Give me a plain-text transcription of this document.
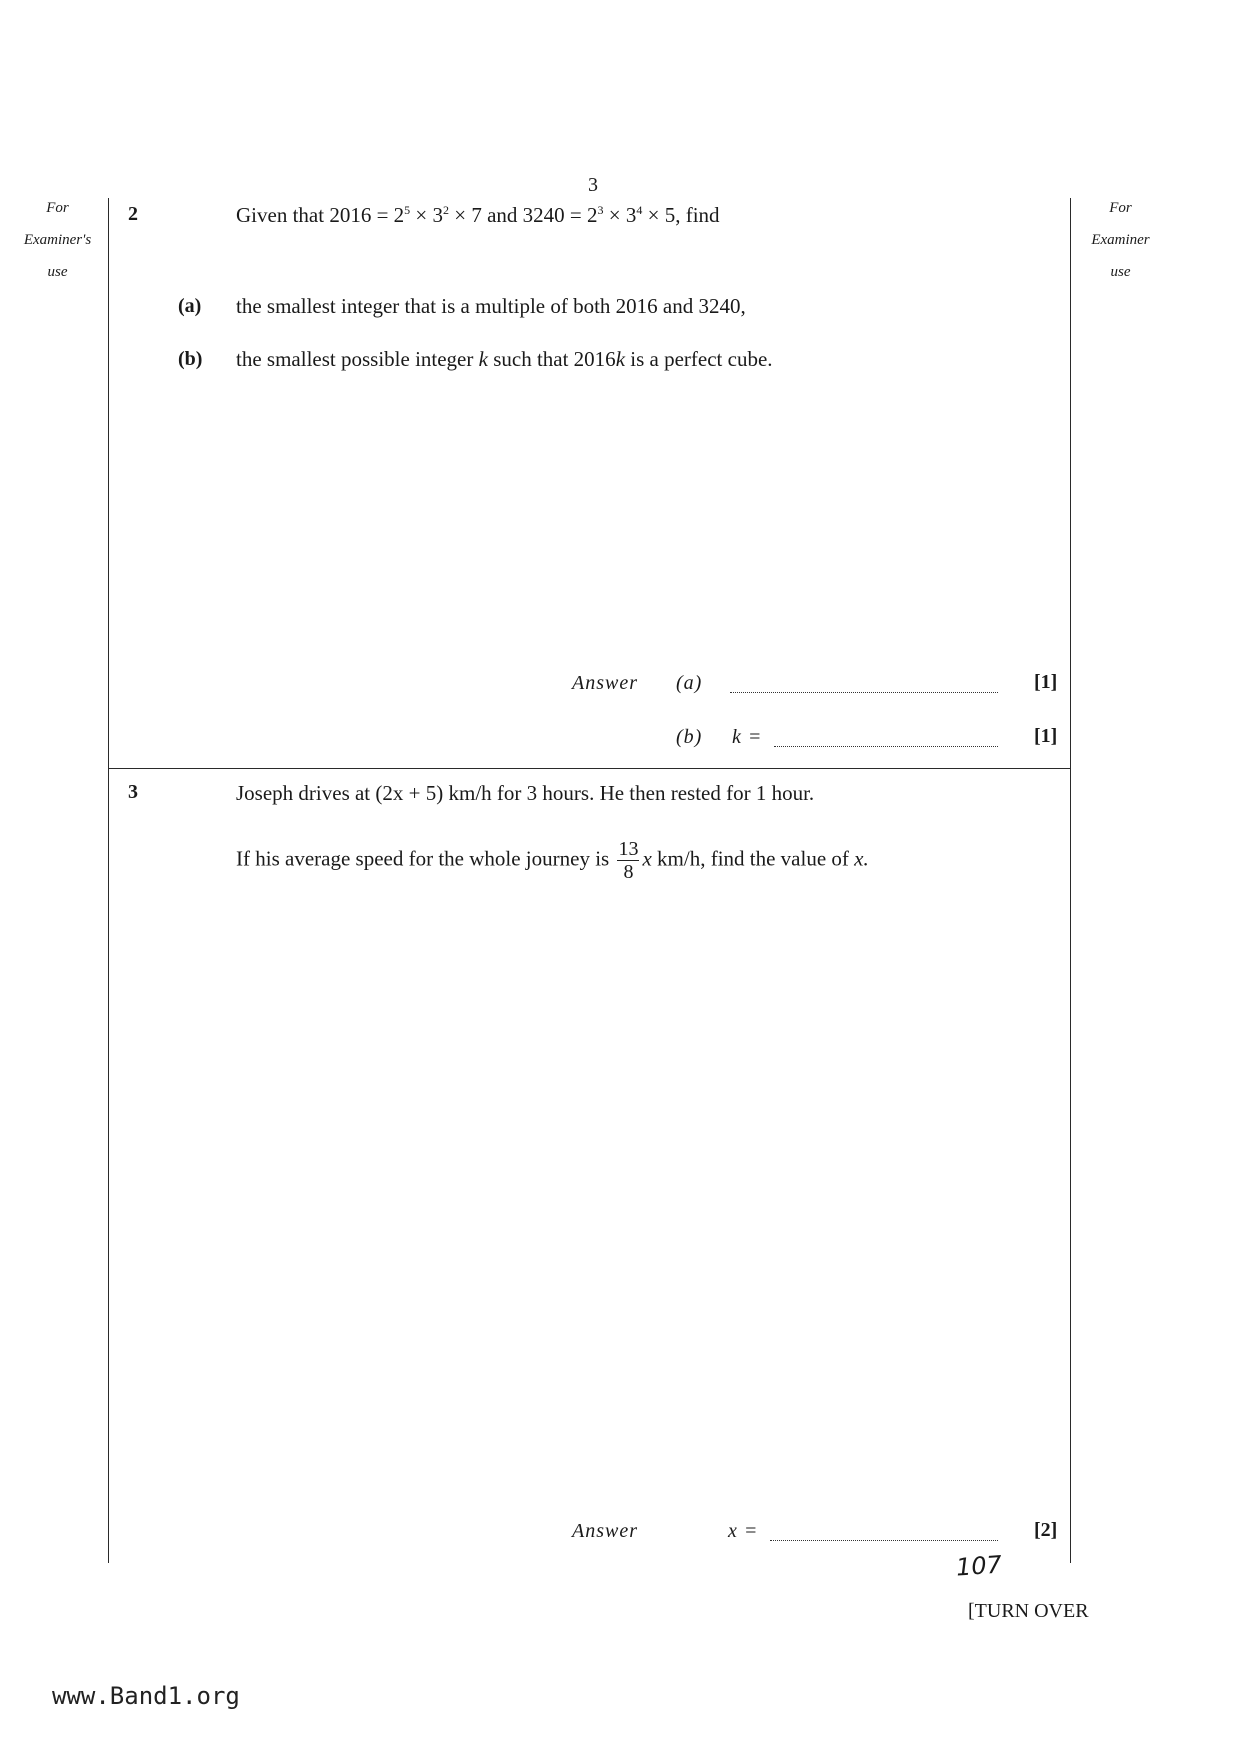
3
For
Examiner's
use
For
Examiner
use
2	Given that $2016 = 2^5 \times 3^2 \times 7$ and $3240 = 2^3 \times 3^4 \times 5$, find
(a) the smallest integer that is a multiple of both 2016 and 3240,
(b) the smallest possible integer k such that 2016k is a perfect cube.
Answer (a)	[1]
(b) k =	[1]
3	Joseph drives at (2x + 5) km/h for 3 hours. He then rested for 1 hour.
If his average speed for the whole journey is $\frac{13}{8}$ x km/h, find the value of x.
Answer	x =	[2]
107
[TURN OVER
www.Band1.org
